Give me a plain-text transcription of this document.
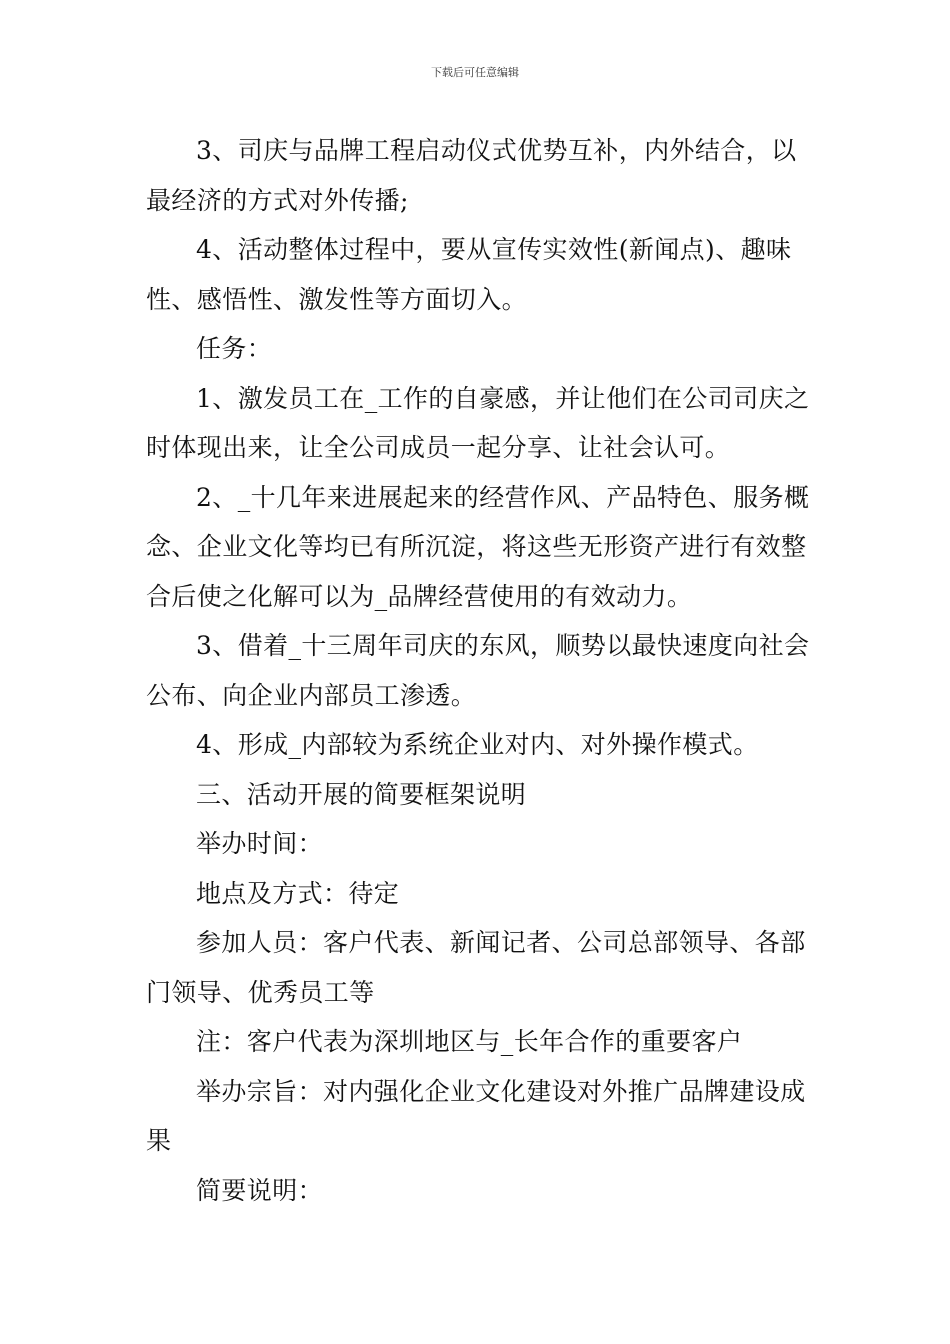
下载后可任意编辑

3、司庆与品牌工程启动仪式优势互补，内外结合，以最经济的方式对外传播;

4、活动整体过程中，要从宣传实效性(新闻点)、趣味性、感悟性、激发性等方面切入。

任务：

1、激发员工在_工作的自豪感，并让他们在公司司庆之时体现出来，让全公司成员一起分享、让社会认可。

2、_十几年来进展起来的经营作风、产品特色、服务概念、企业文化等均已有所沉淀，将这些无形资产进行有效整合后使之化解可以为_品牌经营使用的有效动力。

3、借着_十三周年司庆的东风，顺势以最快速度向社会公布、向企业内部员工渗透。

4、形成_内部较为系统企业对内、对外操作模式。

三、活动开展的简要框架说明

举办时间：

地点及方式：待定

参加人员：客户代表、新闻记者、公司总部领导、各部门领导、优秀员工等

注：客户代表为深圳地区与_长年合作的重要客户

举办宗旨：对内强化企业文化建设对外推广品牌建设成果

简要说明：
